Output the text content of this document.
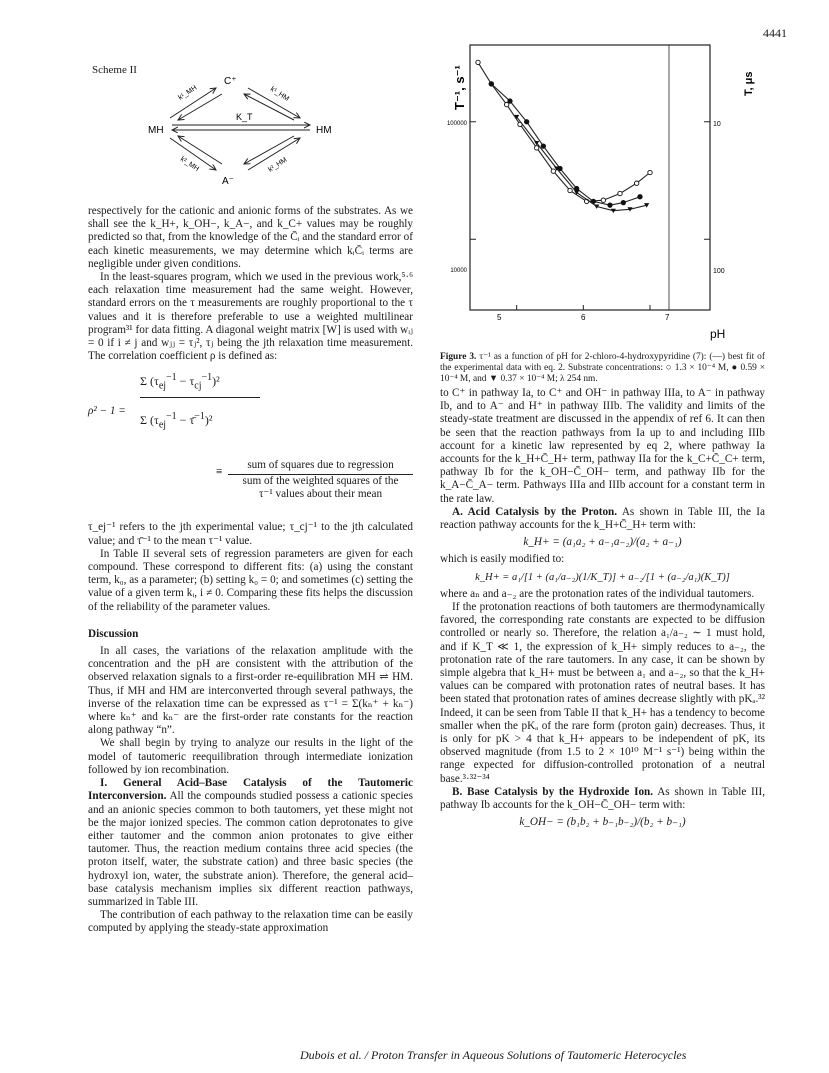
4441
Scheme II
C⁺
MH	HM
A⁻
K_T
k¹_MH	k¹_HM
k²_MH	k²_HM

respectively for the cationic and anionic forms of the substrates. As we shall see the k_H+, k_OH−, k_A−, and k_C+ values may be roughly predicted so that, from the knowledge of the C̄ᵢ and the standard error of each kinetic measurements, we may determine which kᵢC̄ᵢ terms are negligible under given conditions.

In the least-squares program, which we used in the previous work,⁵·⁶ each relaxation time measurement had the same weight. However, standard errors on the τ measurements are roughly proportional to the τ values and it is therefore preferable to use a weighted multilinear program³¹ for data fitting. A diagonal weight matrix [W] is used with wᵢⱼ = 0 if i ≠ j and wⱼⱼ = τⱼ², τⱼ being the jth relaxation time measurement. The correlation coefficient ρ is defined as:

ρ² − 1 =
Σ $(\tau_{ej}^{-1} - \tau_{cj}^{-1})^2$
Σ ($\tau_{ej}^{-1}$ − τ̄$^{-1}$)²
sum of squares due to regression
sum of the weighted squares of the
τ⁻¹ values about their mean
≡

τ_ej⁻¹ refers to the jth experimental value; τ_cj⁻¹ to the jth calculated value; and τ̄⁻¹ to the mean τ⁻¹ value.

In Table II several sets of regression parameters are given for each compound. These correspond to different fits: (a) using the constant term, k₀, as a parameter; (b) setting k₀ = 0; and sometimes (c) setting the value of a given term kᵢ, i ≠ 0. Comparing these fits helps the discussion of the reliability of the parameter values.

Discussion

In all cases, the variations of the relaxation amplitude with the concentration and the pH are consistent with the attribution of the observed relaxation signals to a first-order re-equilibration MH ⇌ HM. Thus, if MH and HM are interconverted through several pathways, the inverse of the relaxation time can be expressed as τ⁻¹ = Σ(kₙ⁺ + kₙ⁻) where kₙ⁺ and kₙ⁻ are the first-order rate constants for the reaction along pathway “n”.

We shall begin by trying to analyze our results in the light of the model of tautomeric reequilibration through intermediate ionization followed by ion recombination.

I. General Acid–Base Catalysis of the Tautomeric Interconversion. All the compounds studied possess a cationic species and an anionic species common to both tautomers, yet these might not be the major ionized species. The common cation deprotonates to give either tautomer and the common anion protonates to give either tautomer. Thus, the reaction medium contains three acid species (the proton itself, water, the substrate cation) and three basic species (the hydroxyl ion, water, the substrate anion). Therefore, the general acid–base catalysis mechanism implies six different reaction pathways, summarized in Table III.

The contribution of each pathway to the relaxation time can be easily computed by applying the steady-state approximation

T⁻¹, s⁻¹	T, μs
100000
10000
10
100
5	6	7
pH
Figure 3. τ⁻¹ as a function of pH for 2-chloro-4-hydroxypyridine (7): (—) best fit of the experimental data with eq. 2. Substrate concentrations: ○ 1.3 × 10⁻⁴ M, ● 0.59 × 10⁻⁴ M, and ▼ 0.37 × 10⁻⁴ M; λ 254 nm.

to C⁺ in pathway Ia, to C⁺ and OH⁻ in pathway IIIa, to A⁻ in pathway Ib, and to A⁻ and H⁺ in pathway IIIb. The validity and limits of the steady-state treatment are discussed in the appendix of ref 6. It can then be seen that the reaction pathways from Ia up to and including IIIb account for a kinetic law represented by eq 2, where pathway Ia accounts for the k_H+C̄_H+ term, pathway IIa for the k_C+C̄_C+ term, pathway Ib for the k_OH−C̄_OH− term, and pathway IIb for the k_A−C̄_A− term. Pathways IIIa and IIIb account for a constant term in the rate law.

A. Acid Catalysis by the Proton. As shown in Table III, the Ia reaction pathway accounts for the k_H+C̄_H+ term with:

k_H+ = (a₁a₂ + a₋₁a₋₂)/(a₂ + a₋₁)

which is easily modified to:

k_H+ = a₁/[1 + (a₁/a₋₂)(1/K_T)] + a₋₂/[1 + (a₋₂/a₁)(K_T)]

where aₙ and a₋₂ are the protonation rates of the individual tautomers.

If the protonation reactions of both tautomers are thermodynamically favored, the corresponding rate constants are expected to be diffusion controlled or nearly so. Therefore, the relation a₁/a₋₂ ∼ 1 must hold, and if K_T ≪ 1, the expression of k_H+ simply reduces to a₋₂, the protonation rate of the rare tautomers. In any case, it can be shown by simple algebra that k_H+ must be between a₁ and a₋₂, so that the k_H+ values can be compared with protonation rates of neutral bases. It has been stated that protonation rates of amines decrease slightly with pKₐ.³² Indeed, it can be seen from Table II that k_H+ has a tendency to become smaller when the pKₐ of the rare form (proton gain) decreases. Thus, it is only for pK > 4 that k_H+ appears to be independent of pK, its observed magnitude (from 1.5 to 2 × 10¹⁰ M⁻¹ s⁻¹) being within the range expected for diffusion-controlled protonation of a neutral base.³·³²⁻³⁴

B. Base Catalysis by the Hydroxide Ion. As shown in Table III, pathway Ib accounts for the k_OH−C̄_OH− term with:

k_OH− = (b₁b₂ + b₋₁b₋₂)/(b₂ + b₋₁)

Dubois et al. / Proton Transfer in Aqueous Solutions of Tautomeric Heterocycles
